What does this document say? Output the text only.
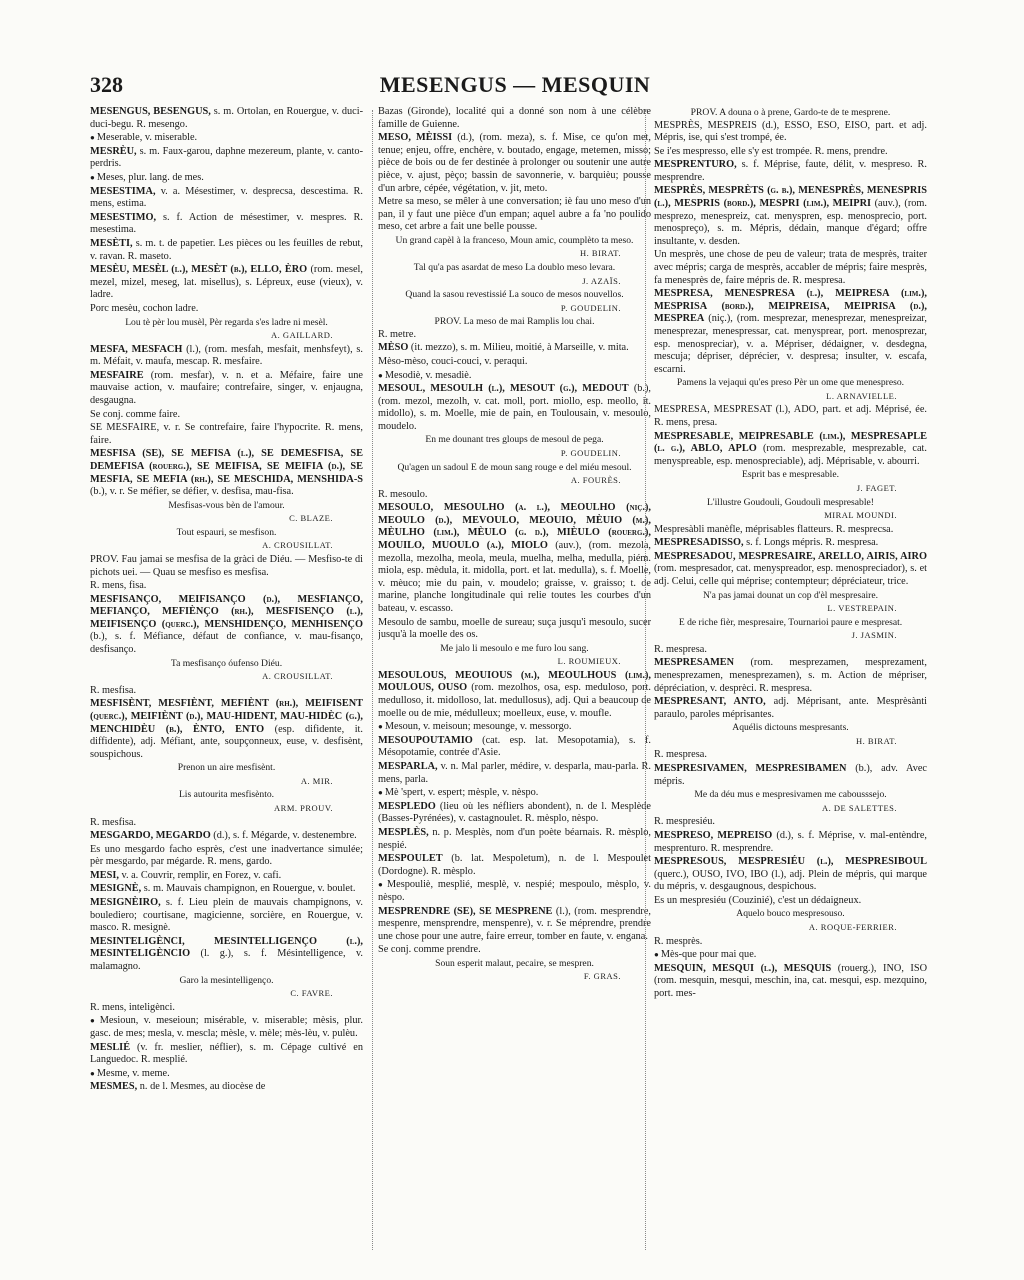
328	MESENGUS — MESQUIN
MESENGUS, BESENGUS, s. m. Ortolan, en Rouergue, v. duci-duci-begu. R. mesengo.
● Meserable, v. miserable.
MESRÈU, s. m. Faux-garou, daphne mezereum, plante, v. canto-perdris.
● Meses, plur. lang. de mes.
MESESTIMA, v. a. Mésestimer, v. desprecsa, descestima. R. mens, estima.
MESESTIMO, s. f. Action de mésestimer, v. mespres. R. mesestima.
MESÈTI, s. m. t. de papetier. Les pièces ou les feuilles de rebut, v. ravan. R. maseto.
MESÈU, MESÈL (l.), MESÈT (b.), ELLO, ÈRO (rom. mesel, mezel, mizel, meseg, lat. misellus), s. Lépreux, euse (vieux), v. ladre.
Porc mesèu, cochon ladre.
Lou tè pèr lou musèl, Pèr regarda s'es ladre ni mesèl.
A. GAILLARD.
MESFA, MESFACH (l.), (rom. mesfah, mesfait, menhsfeyt), s. m. Méfait, v. maufa, mescap. R. mesfaire.
MESFAIRE (rom. mesfar), v. n. et a. Méfaire, faire une mauvaise action, v. maufaire; contrefaire, singer, v. enjaugna, desgaugna.
Se conj. comme faire.
SE MESFAIRE, v. r. Se contrefaire, faire l'hypocrite. R. mens, faire.
MESFISA (SE), SE MEFISA (l.), SE DEMESFISA, SE DEMEFISA (rouerg.), SE MEIFISA, SE MEIFIA (d.), SE MESFIA, SE MEFIA (rh.), SE MESCHIDA, MENSHIDA-S (b.), v. r. Se méfier, se défier, v. desfisa, mau-fisa.
Mesfisas-vous bèn de l'amour.
C. BLAZE.
Tout espauri, se mesfison.
A. CROUSILLAT.
PROV. Fau jamai se mesfisa de la gràci de Diéu. — Mesfiso-te di pichots uei. — Quau se mesfiso es mesfisa.
R. mens, fisa.
MESFISANÇO, MEIFISANÇO (d.), MESFIANÇO, MEFIANÇO, MEFIÈNÇO (rh.), MESFISENÇO (l.), MEIFISENÇO (querc.), MENSHIDENÇO, MENHISENÇO (b.), s. f. Méfiance, défaut de confiance, v. mau-fisanço, desfisanço.
Ta mesfisanço óufenso Diéu.
A. CROUSILLAT.
R. mesfisa.
MESFISÈNT, MESFIÈNT, MEFIÈNT (rh.), MEIFISENT (querc.), MEIFIÈNT (d.), MAU-HIDENT, MAU-HIDÈC (g.), MENCHIDÈU (b.), ÈNTO, ENTO (esp. difidente, it. diffidente), adj. Méfiant, ante, soupçonneux, euse, v. desfisènt, souspichous.
Prenon un aire mesfisènt.
A. MIR.
Lis autourita mesfisènto.
ARM. PROUV.
R. mesfisa.
MESGARDO, MEGARDO (d.), s. f. Mégarde, v. destenembre.
Es uno mesgardo facho esprès, c'est une inadvertance simulée; pèr mesgardo, par mégarde. R. mens, gardo.
MESI, v. a. Couvrir, remplir, en Forez, v. cafi.
MESIGNÈ, s. m. Mauvais champignon, en Rouergue, v. boulet.
MESIGNÈIRO, s. f. Lieu plein de mauvais champignons, v. boulediero; courtisane, magicienne, sorcière, en Rouergue, v. masco. R. mesignè.
MESINTELIGÈNCI, MESINTELLIGENÇO (l.), MESINTELIGÈNCIO (l. g.), s. f. Mésintelligence, v. malamagno.
Garo la mesintelligenço.
C. FAVRE.
R. mens, inteligènci.
● Mesioun, v. meseioun; misérable, v. miserable; mèsis, plur. gasc. de mes; mesla, v. mescla; mèsle, v. mèle; mès-lèu, v. pulèu.
MESLIÉ (v. fr. meslier, néflier), s. m. Cépage cultivé en Languedoc. R. mesplié.
● Mesme, v. meme.
MESMES, n. de l. Mesmes, au diocèse de
Bazas (Gironde), localité qui a donné son nom à une célèbre famille de Guienne.
MESO, MÈISSI (d.), (rom. meza), s. f. Mise, ce qu'on met, tenue; enjeu, offre, enchère, v. boutado, engage, metemen, misso; pièce de bois ou de fer destinée à prolonger ou soutenir une autre pièce, v. ajust, pèço; bassin de savonnerie, v. barquièu; pousse d'un arbre, cépée, végétation, v. jit, meto.
Metre sa meso, se mêler à une conversation; iè fau uno meso d'un pan, il y faut une pièce d'un empan; aquel aubre a fa 'no poulido meso, cet arbre a fait une belle pousse.
Un grand capèl à la franceso, Moun amic, coumplèto ta meso.
H. BIRAT.
Tal qu'a pas asardat de meso La doublo meso levara.
J. AZAÏS.
Quand la sasou revestissié La souco de mesos nouvellos.
P. GOUDELIN.
PROV. La meso de mai Ramplis lou chai.
R. metre.
MÈSO (it. mezzo), s. m. Milieu, moitié, à Marseille, v. mita.
Mèso-mèso, couci-couci, v. peraqui.
● Mesodiè, v. mesadiè.
MESOUL, MESOULH (l.), MESOUT (g.), MEDOUT (b.), (rom. mezol, mezolh, v. cat. moll, port. miollo, esp. meollo, it. midollo), s. m. Moelle, mie de pain, en Toulousain, v. mesoulo, moudelo.
En me dounant tres gloups de mesoul de pega.
P. GOUDELIN.
Qu'agen un sadoul E de moun sang rouge e del miéu mesoul.
A. FOURÈS.
R. mesoulo.
MESOULO, MESOULHO (a. l.), MEOULHO (niç.), MEOULO (d.), MEVOULO, MEOUIO, MÈUIO (m.), MÈULHO (lim.), MÈULO (g. d.), MIÈULO (rouerg.), MOUILO, MUOULO (a.), MIOLO (auv.), (rom. mezola, mezolla, mezolha, meola, meula, muelha, melha, medulla, piém. miola, esp. mèdula, it. midolla, port. et lat. medulla), s. f. Moelle, v. mèuco; mie du pain, v. moudelo; graisse, v. graisso; t. de marine, planche longitudinale qui relie toutes les courbes d'un bateau, v. escasso.
Mesoulo de sambu, moelle de sureau; suça jusqu'i mesoulo, sucer jusqu'à la moelle des os.
Me jalo li mesoulo e me furo lou sang.
L. ROUMIEUX.
MESOULOUS, MEOUIOUS (m.), MEOULHOUS (lim.), MOULOUS, OUSO (rom. mezolhos, osa, esp. meduloso, port. medulloso, it. midolloso, lat. medullosus), adj. Qui a beaucoup de moelle ou de mie, médulleux; moelleux, euse, v. moufle.
● Mesoun, v. meisoun; mesounge, v. messorgo.
MESOUPOUTAMIO (cat. esp. lat. Mesopotamia), s. f. Mésopotamie, contrée d'Asie.
MESPARLA, v. n. Mal parler, médire, v. desparla, mau-parla. R. mens, parla.
● Mè 'spert, v. espert; mèsple, v. nèspo.
MESPLEDO (lieu où les néfliers abondent), n. de l. Mesplède (Basses-Pyrénées), v. castagnoulet. R. mèsplo, nèspo.
MESPLÈS, n. p. Mesplès, nom d'un poète béarnais. R. mèsplo, nespié.
MESPOULET (b. lat. Mespoletum), n. de l. Mespoulet (Dordogne). R. mèsplo.
● Mespouliè, mesplié, mesplè, v. nespié; mespoulo, mèsplo, v. nèspo.
MESPRENDRE (SE), SE MESPRENE (l.), (rom. mesprendre, mespenre, mensprendre, menspenre), v. r. Se méprendre, prendre une chose pour une autre, faire erreur, tomber en faute, v. engana.
Se conj. comme prendre.
Soun esperit malaut, pecaire, se mespren.
F. GRAS.
PROV. A douna o à prene, Gardo-te de te mesprene.
MESPRÈS, MESPREIS (d.), ESSO, ESO, EISO, part. et adj. Mépris, ise, qui s'est trompé, ée.
Se i'es mespresso, elle s'y est trompée. R. mens, prendre.
MESPRENTURO, s. f. Méprise, faute, délit, v. mespreso. R. mesprendre.
MESPRÈS, MESPRÈTS (g. b.), MENESPRÈS, MENESPRIS (l.), MESPRIS (bord.), MESPRI (lim.), MEIPRI (auv.), (rom. mesprezo, menespreiz, cat. menyspren, esp. menosprecio, port. menospreço), s. m. Mépris, dédain, manque d'égard; offre insultante, v. desden.
Un mesprès, une chose de peu de valeur; trata de mesprès, traiter avec mépris; carga de mesprès, accabler de mépris; faire mesprès, fa menesprès de, faire mépris de. R. mespresa.
MESPRESA, MENESPRESA (l.), MEIPRESA (lim.), MESPRISA (bord.), MEIPREISA, MEIPRISA (d.), MESPREA (niç.), (rom. mesprezar, menesprezar, menespreizar, menesprezar, menespressar, cat. menysprear, port. menosprezar, esp. menospreciar), v. a. Mépriser, dédaigner, v. desdegna, mescuja; dépriser, déprécier, v. despresa; insulter, v. escafa, escarni.
Pamens la vejaqui qu'es preso Pèr un ome que menespreso.
L. ARNAVIELLE.
MESPRESA, MESPRESAT (l.), ADO, part. et adj. Méprisé, ée. R. mens, presa.
MESPRESABLE, MEIPRESABLE (lim.), MESPRESAPLE (l. g.), ABLO, APLO (rom. mesprezable, mesprezable, cat. menyspreable, esp. menospreciable), adj. Méprisable, v. abourri.
Esprit bas e mespresable.
J. FAGET.
L'illustre Goudouli, Goudoulì mespresable!
MIRAL MOUNDI.
Mespresàbli manèfle, méprisables flatteurs. R. mesprecsa.
MESPRESADISSO, s. f. Longs mépris. R. mespresa.
MESPRESADOU, MESPRESAIRE, ARELLO, AIRIS, AIRO (rom. mespresador, cat. menyspreador, esp. menospreciador), s. et adj. Celui, celle qui méprise; contempteur; dépréciateur, trice.
N'a pas jamai dounat un cop d'èl mespresaire.
L. VESTREPAIN.
E de riche fièr, mespresaire, Tournarioi paure e mespresat.
J. JASMIN.
R. mespresa.
MESPRESAMEN (rom. mesprezamen, mesprezament, menesprezamen, menesprezamen), s. m. Action de mépriser, dépréciation, v. desprèci. R. mespresa.
MESPRESANT, ANTO, adj. Méprisant, ante. Mesprèsànti paraulo, paroles méprisantes.
Aquélis dictouns mespresants.
H. BIRAT.
R. mespresa.
MESPRESIVAMEN, MESPRESIBAMEN (b.), adv. Avec mépris.
Me da déu mus e mespresivamen me cabousssejo.
A. DE SALETTES.
R. mespresiéu.
MESPRESO, MEPREISO (d.), s. f. Méprise, v. mal-entèndre, mesprenturo. R. mesprendre.
MESPRESOUS, MESPRESIÉU (l.), MESPRESIBOUL (querc.), OUSO, IVO, IBO (l.), adj. Plein de mépris, qui marque du mépris, v. desgaugnous, despichous.
Es un mespresiéu (Couzinié), c'est un dédaigneux.
Aquelo bouco mespresouso.
A. ROQUE-FERRIER.
R. mesprès.
● Mès-que pour mai que.
MESQUIN, MESQUI (l.), MESQUIS (rouerg.), INO, ISO (rom. mesquin, mesqui, meschin, ina, cat. mesqui, esp. mezquino, port. mes-
